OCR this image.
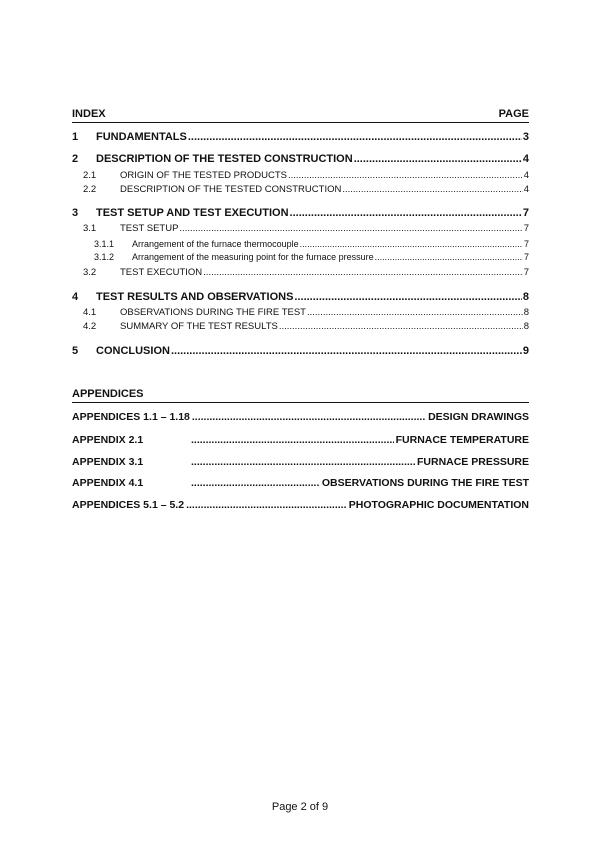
INDEX	PAGE
1	FUNDAMENTALS .....	3
2	DESCRIPTION OF THE TESTED CONSTRUCTION .....	4
2.1	ORIGIN OF THE TESTED PRODUCTS .....	4
2.2	DESCRIPTION OF THE TESTED CONSTRUCTION .....	4
3	TEST SETUP AND TEST EXECUTION .....	7
3.1	TEST SETUP .....	7
3.1.1	Arrangement of the furnace thermocouple .....	7
3.1.2	Arrangement of the measuring point for the furnace pressure .....	7
3.2	TEST EXECUTION .....	7
4	TEST RESULTS AND OBSERVATIONS .....	8
4.1	OBSERVATIONS DURING THE FIRE TEST .....	8
4.2	SUMMARY OF THE TEST RESULTS .....	8
5	CONCLUSION .....	9
APPENDICES
APPENDICES 1.1 – 1.18 .....	DESIGN DRAWINGS
APPENDIX 2.1 .....	FURNACE TEMPERATURE
APPENDIX 3.1 .....	FURNACE PRESSURE
APPENDIX 4.1 .....	OBSERVATIONS DURING THE FIRE TEST
APPENDICES 5.1 – 5.2 .....	PHOTOGRAPHIC DOCUMENTATION
Page 2 of 9
